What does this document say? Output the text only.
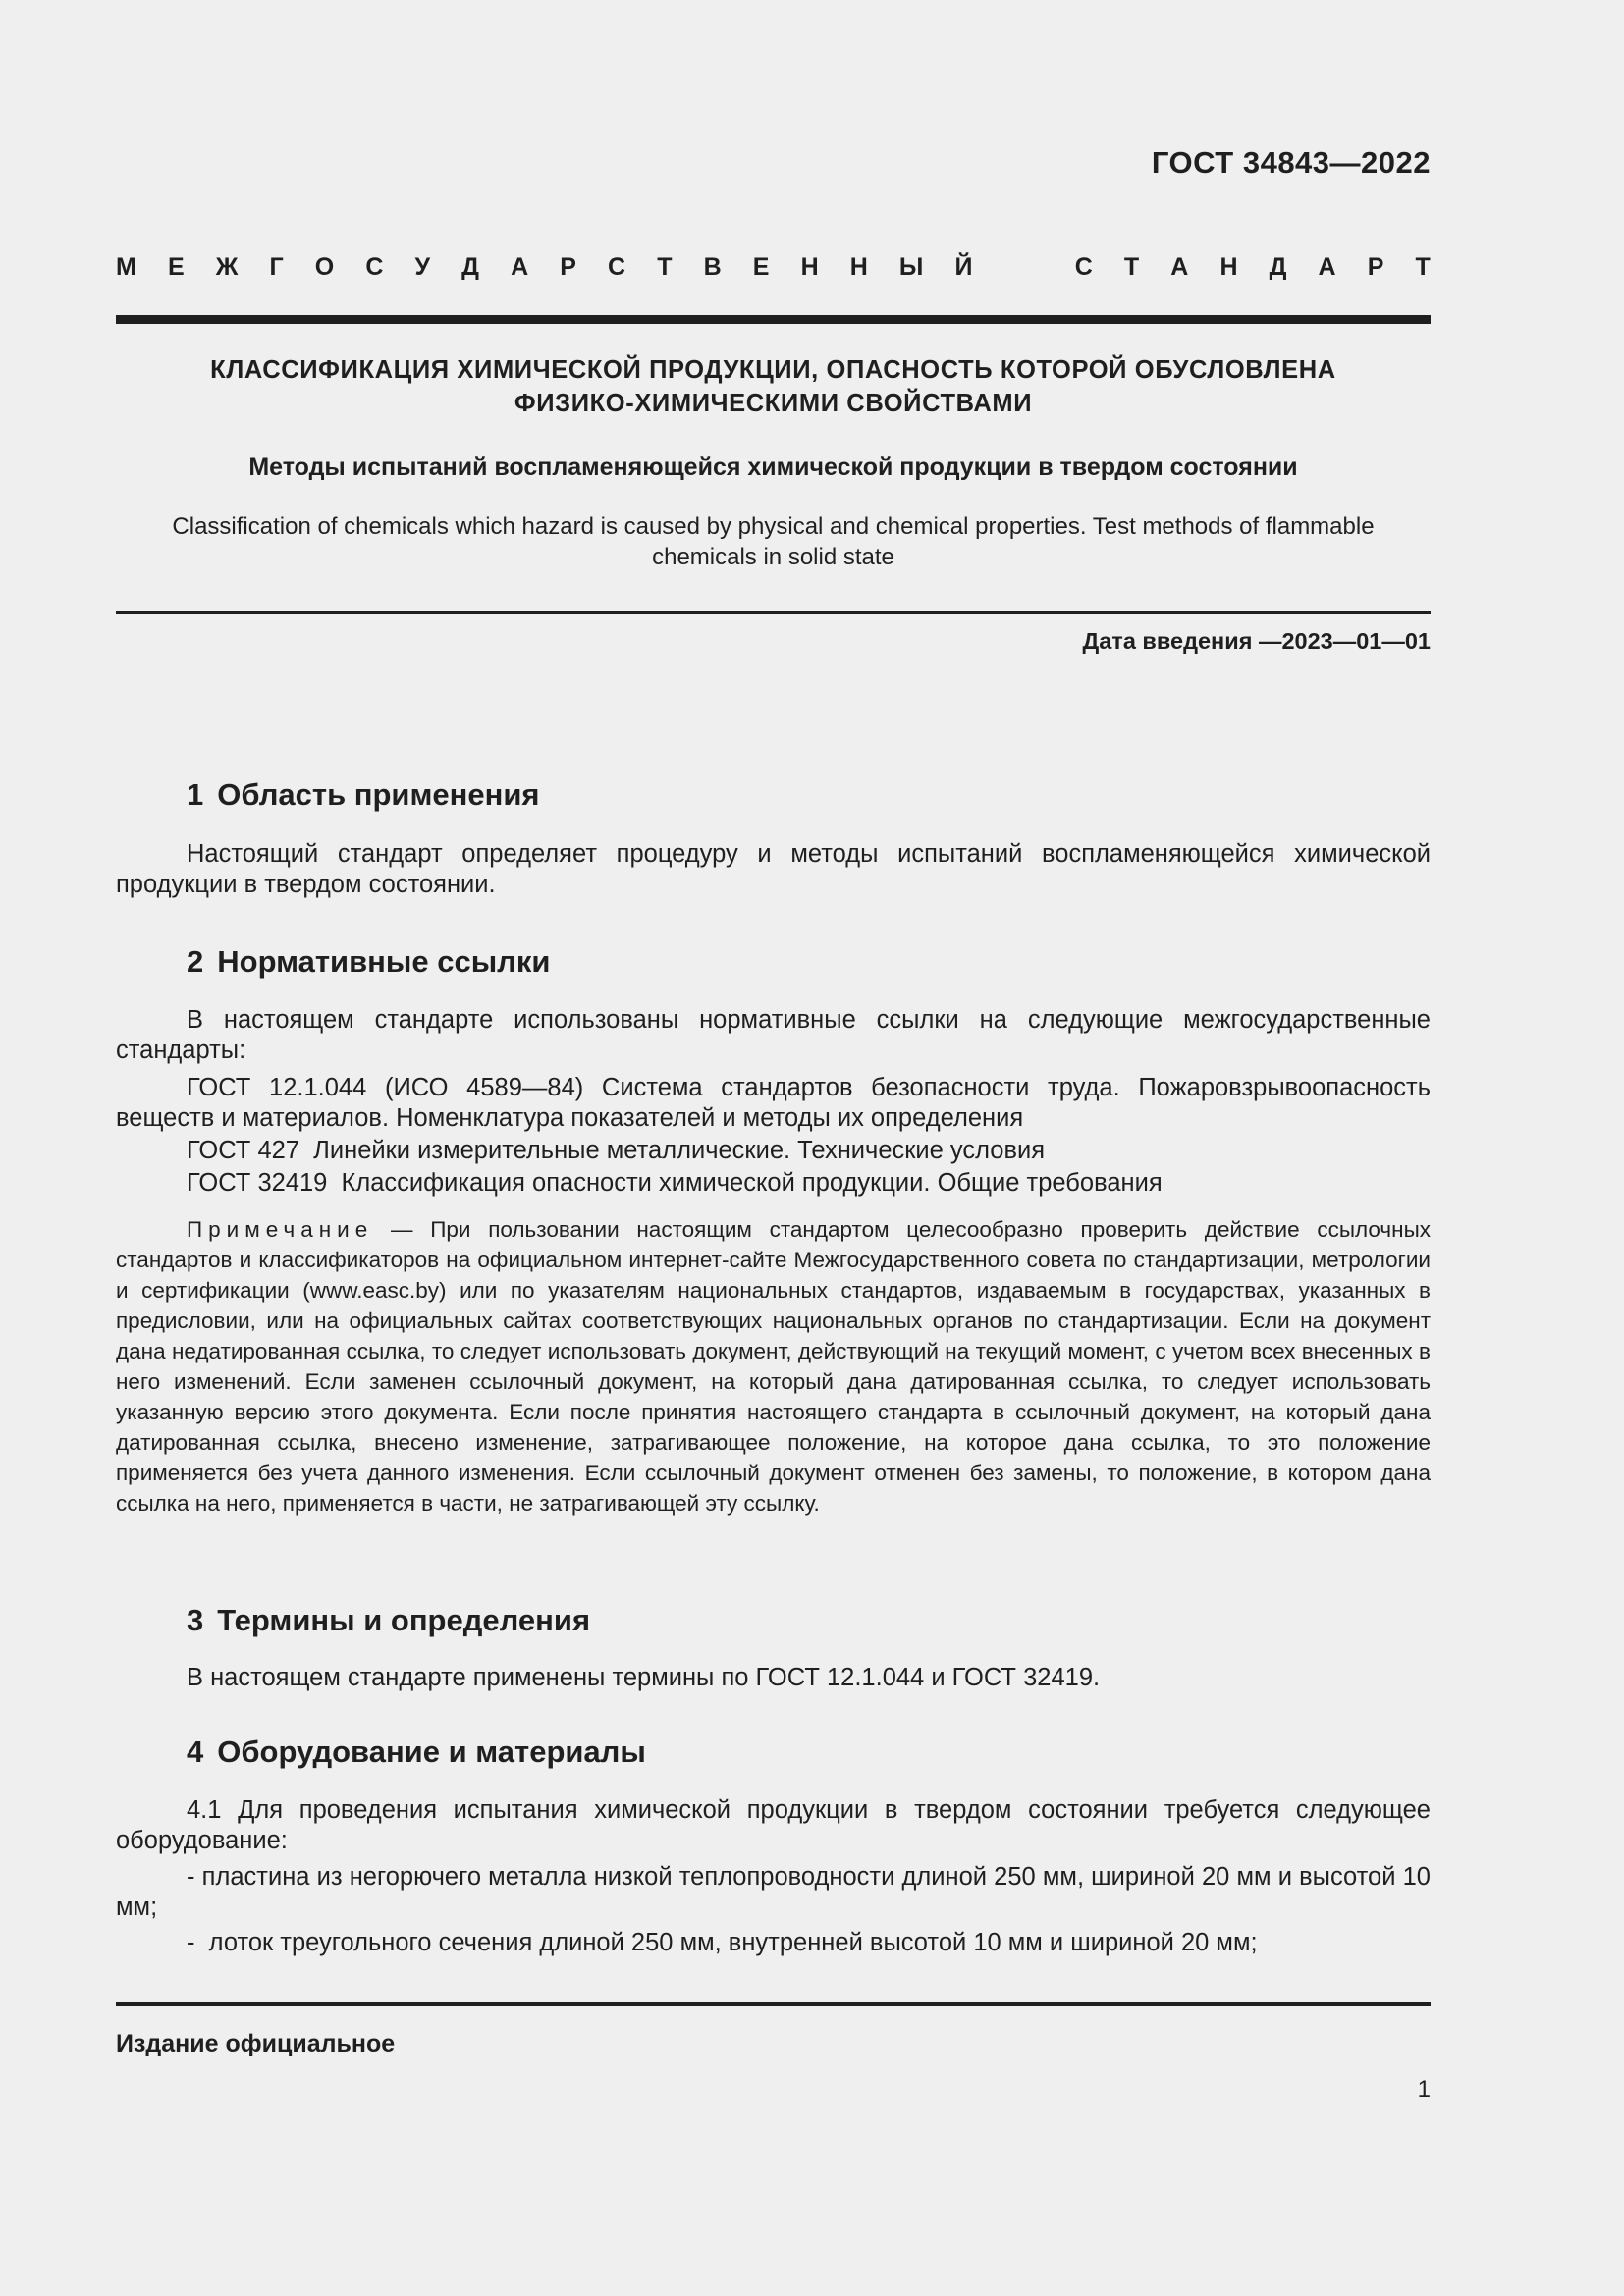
ГОСТ 34843—2022
М Е Ж Г О С У Д А Р С Т В Е Н Н Ы Й	С Т А Н Д А Р Т
КЛАССИФИКАЦИЯ ХИМИЧЕСКОЙ ПРОДУКЦИИ, ОПАСНОСТЬ КОТОРОЙ ОБУСЛОВЛЕНА
ФИЗИКО-ХИМИЧЕСКИМИ СВОЙСТВАМИ
Методы испытаний воспламеняющейся химической продукции в твердом состоянии
Classification of chemicals which hazard is caused by physical and chemical properties. Test methods of flammable
chemicals in solid state
Дата введения —2023—01—01
1 Область применения
Настоящий стандарт определяет процедуру и методы испытаний воспламеняющейся химической продукции в твердом состоянии.
2 Нормативные ссылки
В настоящем стандарте использованы нормативные ссылки на следующие межгосударственные стандарты:
ГОСТ 12.1.044 (ИСО 4589—84) Система стандартов безопасности труда. Пожаровзрывоопасность веществ и материалов. Номенклатура показателей и методы их определения
ГОСТ 427  Линейки измерительные металлические. Технические условия
ГОСТ 32419  Классификация опасности химической продукции. Общие требования
Примечание — При пользовании настоящим стандартом целесообразно проверить действие ссылочных стандартов и классификаторов на официальном интернет-сайте Межгосударственного совета по стандартизации, метрологии и сертификации (www.easc.by) или по указателям национальных стандартов, издаваемым в государствах, указанных в предисловии, или на официальных сайтах соответствующих национальных органов по стандартизации. Если на документ дана недатированная ссылка, то следует использовать документ, действующий на текущий момент, с учетом всех внесенных в него изменений. Если заменен ссылочный документ, на который дана датированная ссылка, то следует использовать указанную версию этого документа. Если после принятия настоящего стандарта в ссылочный документ, на который дана датированная ссылка, внесено изменение, затрагивающее положение, на которое дана ссылка, то это положение применяется без учета данного изменения. Если ссылочный документ отменен без замены, то положение, в котором дана ссылка на него, применяется в части, не затрагивающей эту ссылку.
3 Термины и определения
В настоящем стандарте применены термины по ГОСТ 12.1.044 и ГОСТ 32419.
4 Оборудование и материалы
4.1 Для проведения испытания химической продукции в твердом состоянии требуется следующее оборудование:
- пластина из негорючего металла низкой теплопроводности длиной 250 мм, шириной 20 мм и высотой 10 мм;
-  лоток треугольного сечения длиной 250 мм, внутренней высотой 10 мм и шириной 20 мм;
Издание официальное
1
